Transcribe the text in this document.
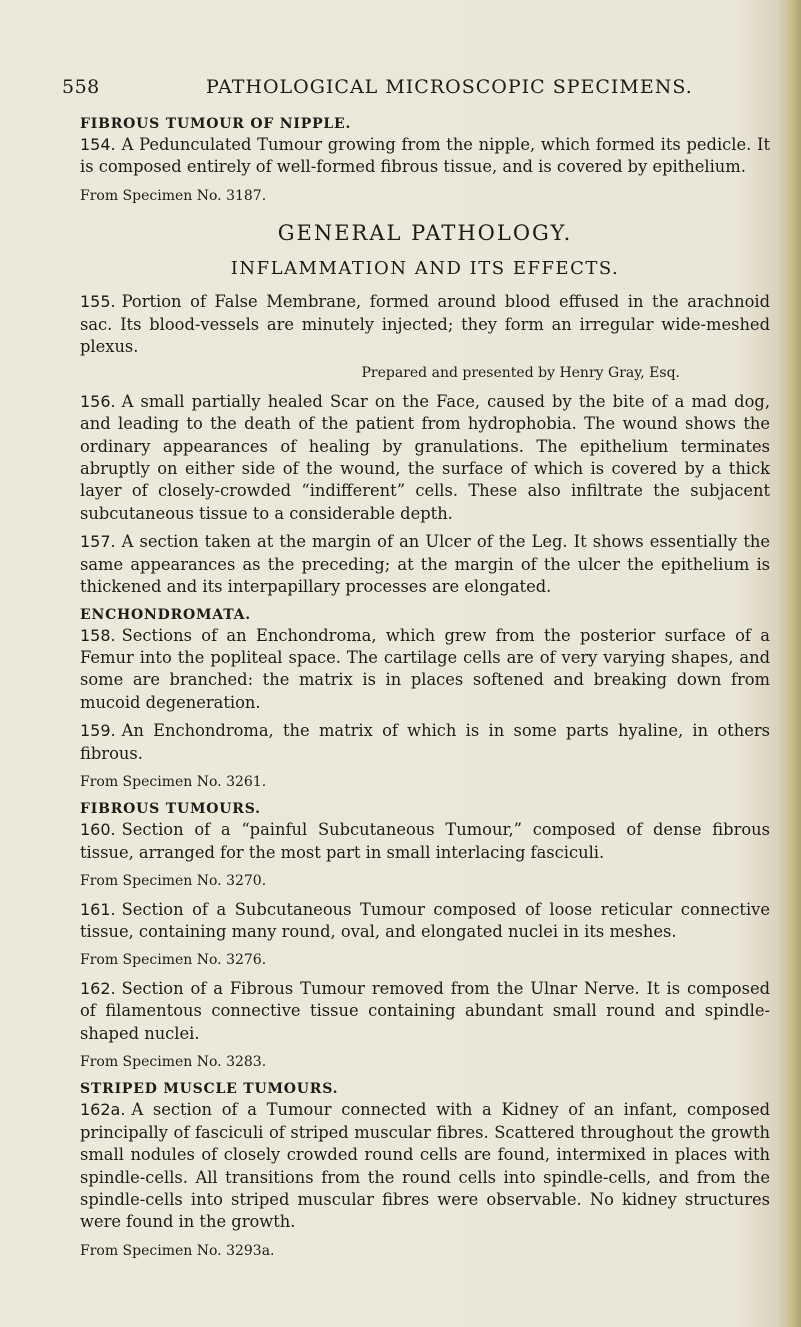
558	PATHOLOGICAL MICROSCOPIC SPECIMENS.

FIBROUS TUMOUR OF NIPPLE.

154. A Pedunculated Tumour growing from the nipple, which formed its pedicle. It is composed entirely of well-formed fibrous tissue, and is covered by epithelium.

From Specimen No. 3187.

GENERAL PATHOLOGY.

INFLAMMATION AND ITS EFFECTS.

155. Portion of False Membrane, formed around blood effused in the arachnoid sac. Its blood-vessels are minutely injected; they form an irregular wide-meshed plexus.

Prepared and presented by Henry Gray, Esq.

156. A small partially healed Scar on the Face, caused by the bite of a mad dog, and leading to the death of the patient from hydrophobia. The wound shows the ordinary appearances of healing by granulations. The epithelium terminates abruptly on either side of the wound, the surface of which is covered by a thick layer of closely-crowded “indifferent” cells. These also infiltrate the subjacent subcutaneous tissue to a considerable depth.

157. A section taken at the margin of an Ulcer of the Leg. It shows essentially the same appearances as the preceding; at the margin of the ulcer the epithelium is thickened and its interpapillary processes are elongated.

ENCHONDROMATA.

158. Sections of an Enchondroma, which grew from the posterior surface of a Femur into the popliteal space. The cartilage cells are of very varying shapes, and some are branched: the matrix is in places softened and breaking down from mucoid degeneration.

159. An Enchondroma, the matrix of which is in some parts hyaline, in others fibrous.

From Specimen No. 3261.

FIBROUS TUMOURS.

160. Section of a “painful Subcutaneous Tumour,” composed of dense fibrous tissue, arranged for the most part in small interlacing fasciculi.

From Specimen No. 3270.

161. Section of a Subcutaneous Tumour composed of loose reticular connective tissue, containing many round, oval, and elongated nuclei in its meshes.

From Specimen No. 3276.

162. Section of a Fibrous Tumour removed from the Ulnar Nerve. It is composed of filamentous connective tissue containing abundant small round and spindle-shaped nuclei.

From Specimen No. 3283.

STRIPED MUSCLE TUMOURS.

162a. A section of a Tumour connected with a Kidney of an infant, composed principally of fasciculi of striped muscular fibres. Scattered throughout the growth small nodules of closely crowded round cells are found, intermixed in places with spindle-cells. All transitions from the round cells into spindle-cells, and from the spindle-cells into striped muscular fibres were observable. No kidney structures were found in the growth.

From Specimen No. 3293a.
